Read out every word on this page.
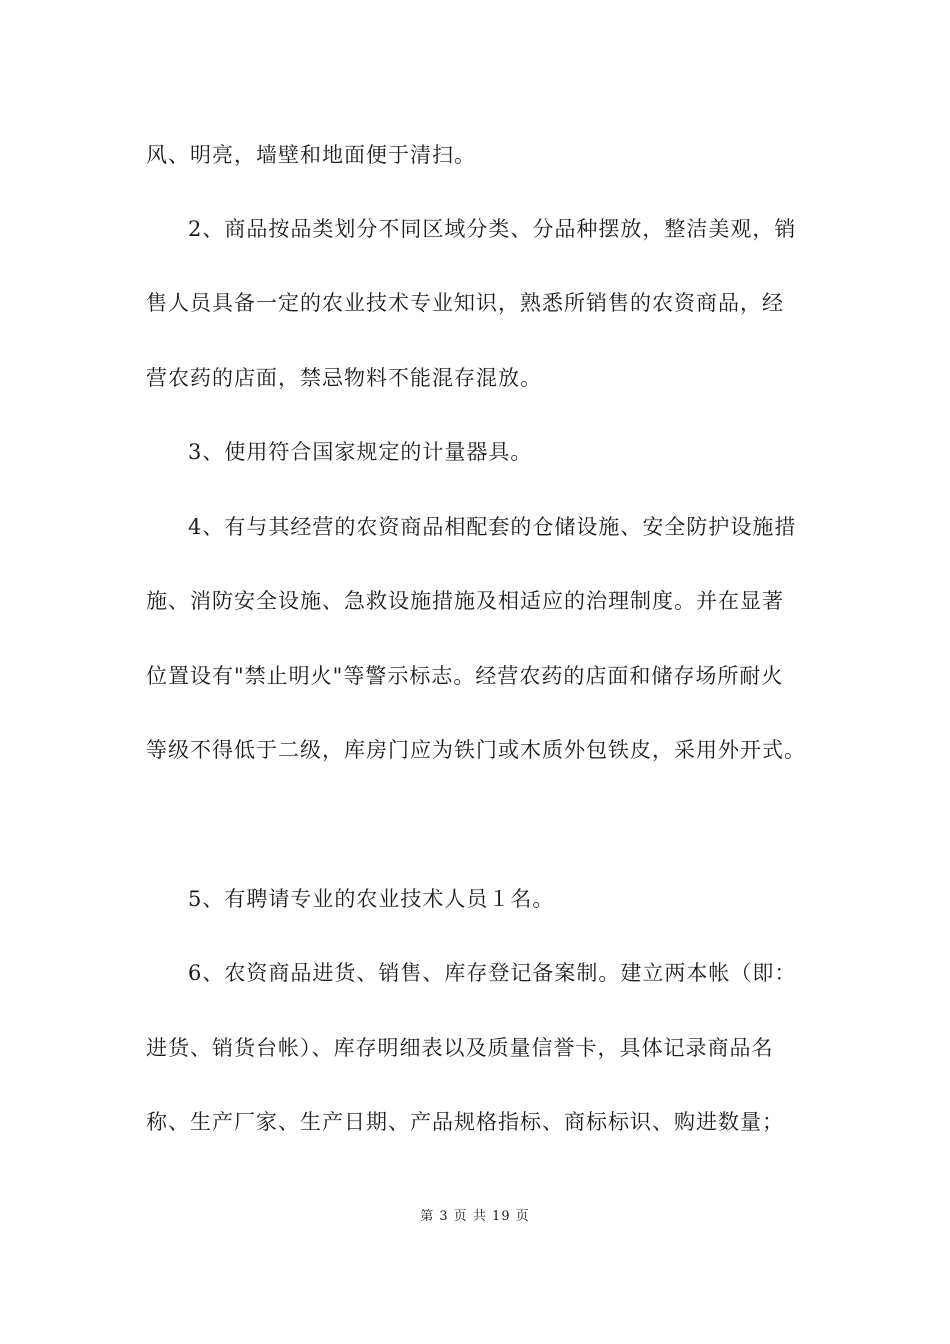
风、明亮，墙壁和地面便于清扫。
2、商品按品类划分不同区域分类、分品种摆放，整洁美观，销
售人员具备一定的农业技术专业知识，熟悉所销售的农资商品，经
营农药的店面，禁忌物料不能混存混放。
3、使用符合国家规定的计量器具。
4、有与其经营的农资商品相配套的仓储设施、安全防护设施措
施、消防安全设施、急救设施措施及相适应的治理制度。并在显著
位置设有"禁止明火"等警示标志。经营农药的店面和储存场所耐火
等级不得低于二级，库房门应为铁门或木质外包铁皮，采用外开式。
5、有聘请专业的农业技术人员１名。
6、农资商品进货、销售、库存登记备案制。建立两本帐（即：
进货、销货台帐）、库存明细表以及质量信誉卡，具体记录商品名
称、生产厂家、生产日期、产品规格指标、商标标识、购进数量；
第 3 页 共 19 页
